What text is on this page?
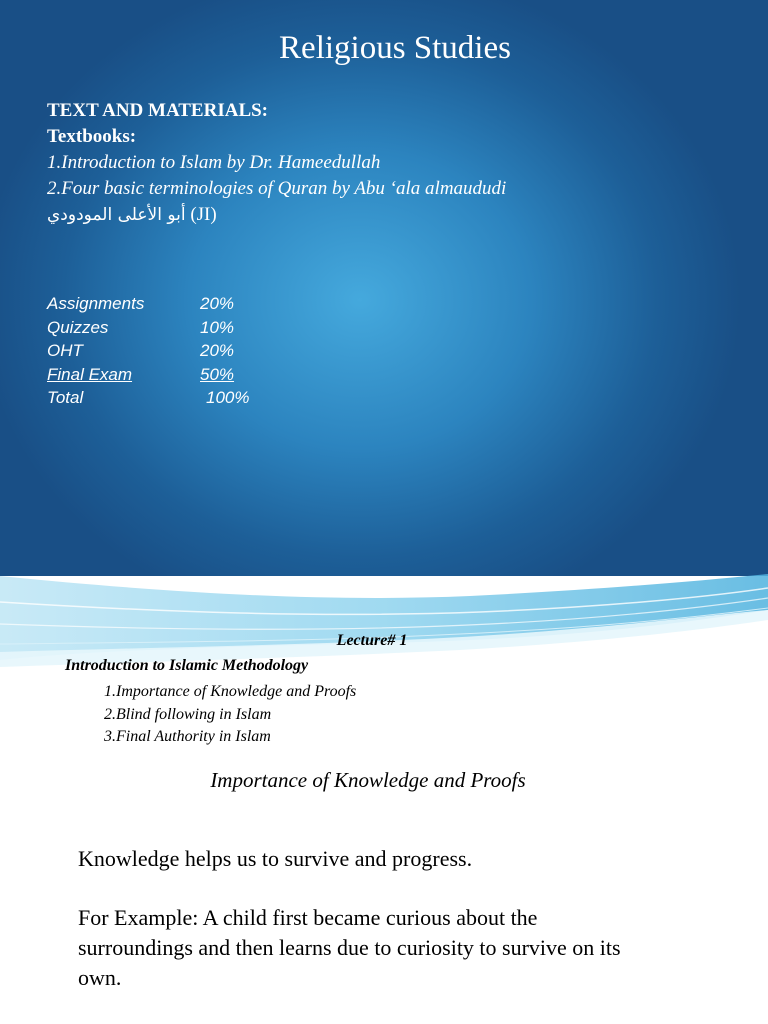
Religious Studies
TEXT AND MATERIALS:
Textbooks:
1.Introduction to Islam by Dr. Hameedullah
2.Four basic terminologies of Quran by Abu ‘ala almaududi
أبو الأعلى المودودي (JI)
Assignments	20%
Quizzes	10%
OHT	20%
Final Exam	50%
Total	100%
Lecture# 1
Introduction to Islamic Methodology
1.Importance of Knowledge and Proofs
2.Blind following in Islam
3.Final Authority in Islam
Importance of Knowledge and Proofs

Knowledge helps us to survive and progress.

For Example: A child first became curious about the surroundings and then learns due to curiosity to survive on its own.
